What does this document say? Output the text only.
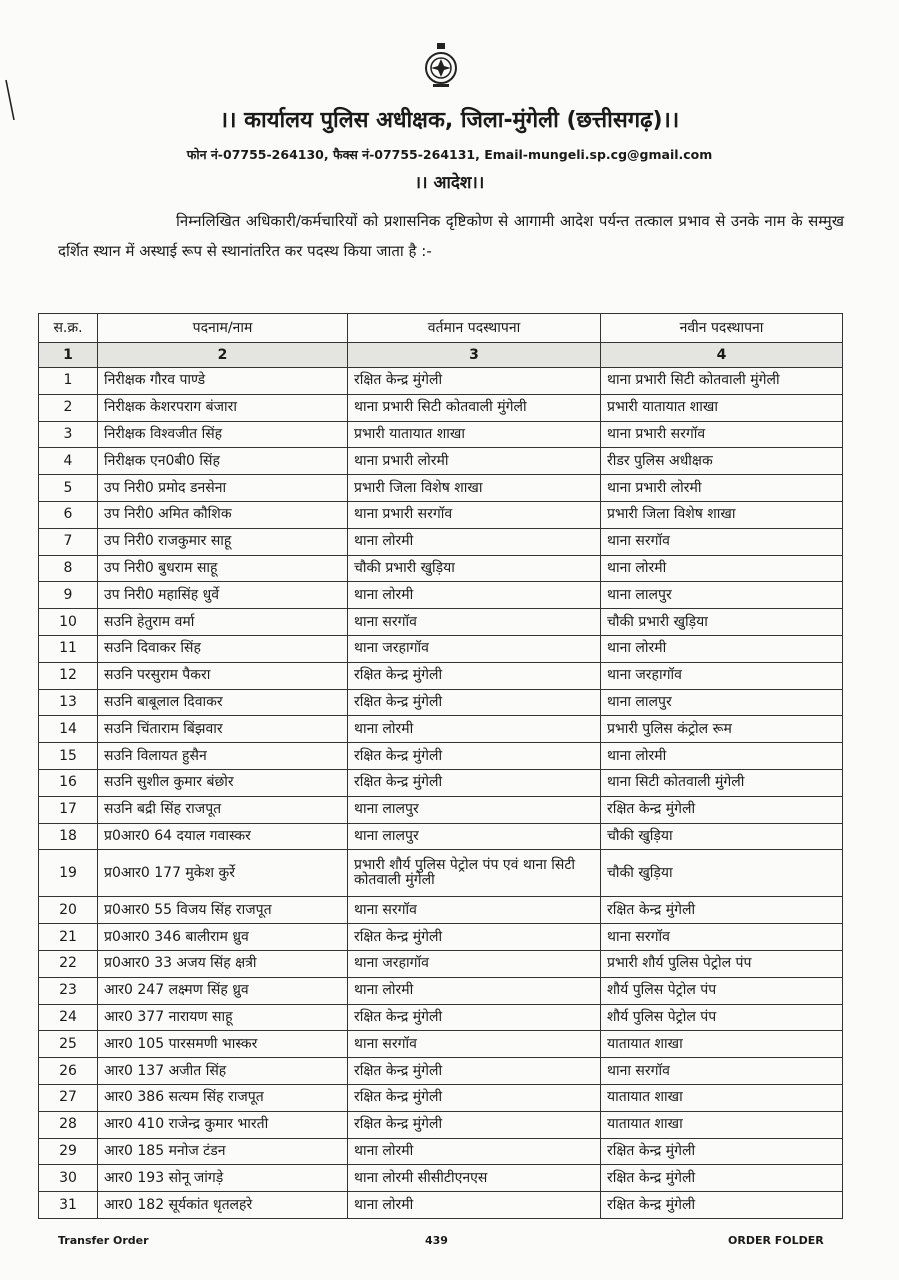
।। कार्यालय पुलिस अधीक्षक, जिला-मुंगेली (छत्तीसगढ़)।।
फोन नं-07755-264130, फैक्स नं-07755-264131, Email-mungeli.sp.cg@gmail.com
।। आदेश।।
निम्नलिखित अधिकारी/कर्मचारियों को प्रशासनिक दृष्टिकोण से आगामी आदेश पर्यन्त तत्काल प्रभाव से उनके नाम के सम्मुख दर्शित स्थान में अस्थाई रूप से स्थानांतरित कर पदस्थ किया जाता है :-
स.क्र.	पदनाम/नाम	वर्तमान पदस्थापना	नवीन पदस्थापना
1	2	3	4
1	निरीक्षक गौरव पाण्डे	रक्षित केन्द्र मुंगेली	थाना प्रभारी सिटी कोतवाली मुंगेली
2	निरीक्षक केशरपराग बंजारा	थाना प्रभारी सिटी कोतवाली मुंगेली	प्रभारी यातायात शाखा
3	निरीक्षक विश्वजीत सिंह	प्रभारी यातायात शाखा	थाना प्रभारी सरगॉव
4	निरीक्षक एन0बी0 सिंह	थाना प्रभारी लोरमी	रीडर पुलिस अधीक्षक
5	उप निरी0 प्रमोद डनसेना	प्रभारी जिला विशेष शाखा	थाना प्रभारी लोरमी
6	उप निरी0 अमित कौशिक	थाना प्रभारी सरगॉव	प्रभारी जिला विशेष शाखा
7	उप निरी0 राजकुमार साहू	थाना लोरमी	थाना सरगॉव
8	उप निरी0 बुधराम साहू	चौकी प्रभारी खुड़िया	थाना लोरमी
9	उप निरी0 महासिंह धुर्वे	थाना लोरमी	थाना लालपुर
10	सउनि हेतुराम वर्मा	थाना सरगॉव	चौकी प्रभारी खुड़िया
11	सउनि दिवाकर सिंह	थाना जरहागॉव	थाना लोरमी
12	सउनि परसुराम पैकरा	रक्षित केन्द्र मुंगेली	थाना जरहागॉव
13	सउनि बाबूलाल दिवाकर	रक्षित केन्द्र मुंगेली	थाना लालपुर
14	सउनि चिंताराम बिंझवार	थाना लोरमी	प्रभारी पुलिस कंट्रोल रूम
15	सउनि विलायत हुसैन	रक्षित केन्द्र मुंगेली	थाना लोरमी
16	सउनि सुशील कुमार बंछोर	रक्षित केन्द्र मुंगेली	थाना सिटी कोतवाली मुंगेली
17	सउनि बद्री सिंह राजपूत	थाना लालपुर	रक्षित केन्द्र मुंगेली
18	प्र0आर0 64 दयाल गवास्कर	थाना लालपुर	चौकी खुड़िया
19	प्र0आर0 177 मुकेश कुर्रे	प्रभारी शौर्य पुलिस पेट्रोल पंप एवं थाना सिटी कोतवाली मुंगेली	चौकी खुड़िया
20	प्र0आर0 55 विजय सिंह राजपूत	थाना सरगॉव	रक्षित केन्द्र मुंगेली
21	प्र0आर0 346 बालीराम ध्रुव	रक्षित केन्द्र मुंगेली	थाना सरगॉव
22	प्र0आर0 33 अजय सिंह क्षत्री	थाना जरहागॉव	प्रभारी शौर्य पुलिस पेट्रोल पंप
23	आर0 247 लक्ष्मण सिंह ध्रुव	थाना लोरमी	शौर्य पुलिस पेट्रोल पंप
24	आर0 377 नारायण साहू	रक्षित केन्द्र मुंगेली	शौर्य पुलिस पेट्रोल पंप
25	आर0 105 पारसमणी भास्कर	थाना सरगॉव	यातायात शाखा
26	आर0 137 अजीत सिंह	रक्षित केन्द्र मुंगेली	थाना सरगॉव
27	आर0 386 सत्यम सिंह राजपूत	रक्षित केन्द्र मुंगेली	यातायात शाखा
28	आर0 410 राजेन्द्र कुमार भारती	रक्षित केन्द्र मुंगेली	यातायात शाखा
29	आर0 185 मनोज टंडन	थाना लोरमी	रक्षित केन्द्र मुंगेली
30	आर0 193 सोनू जांगड़े	थाना लोरमी सीसीटीएनएस	रक्षित केन्द्र मुंगेली
31	आर0 182 सूर्यकांत धृतलहरे	थाना लोरमी	रक्षित केन्द्र मुंगेली
Transfer Order	439	ORDER FOLDER
